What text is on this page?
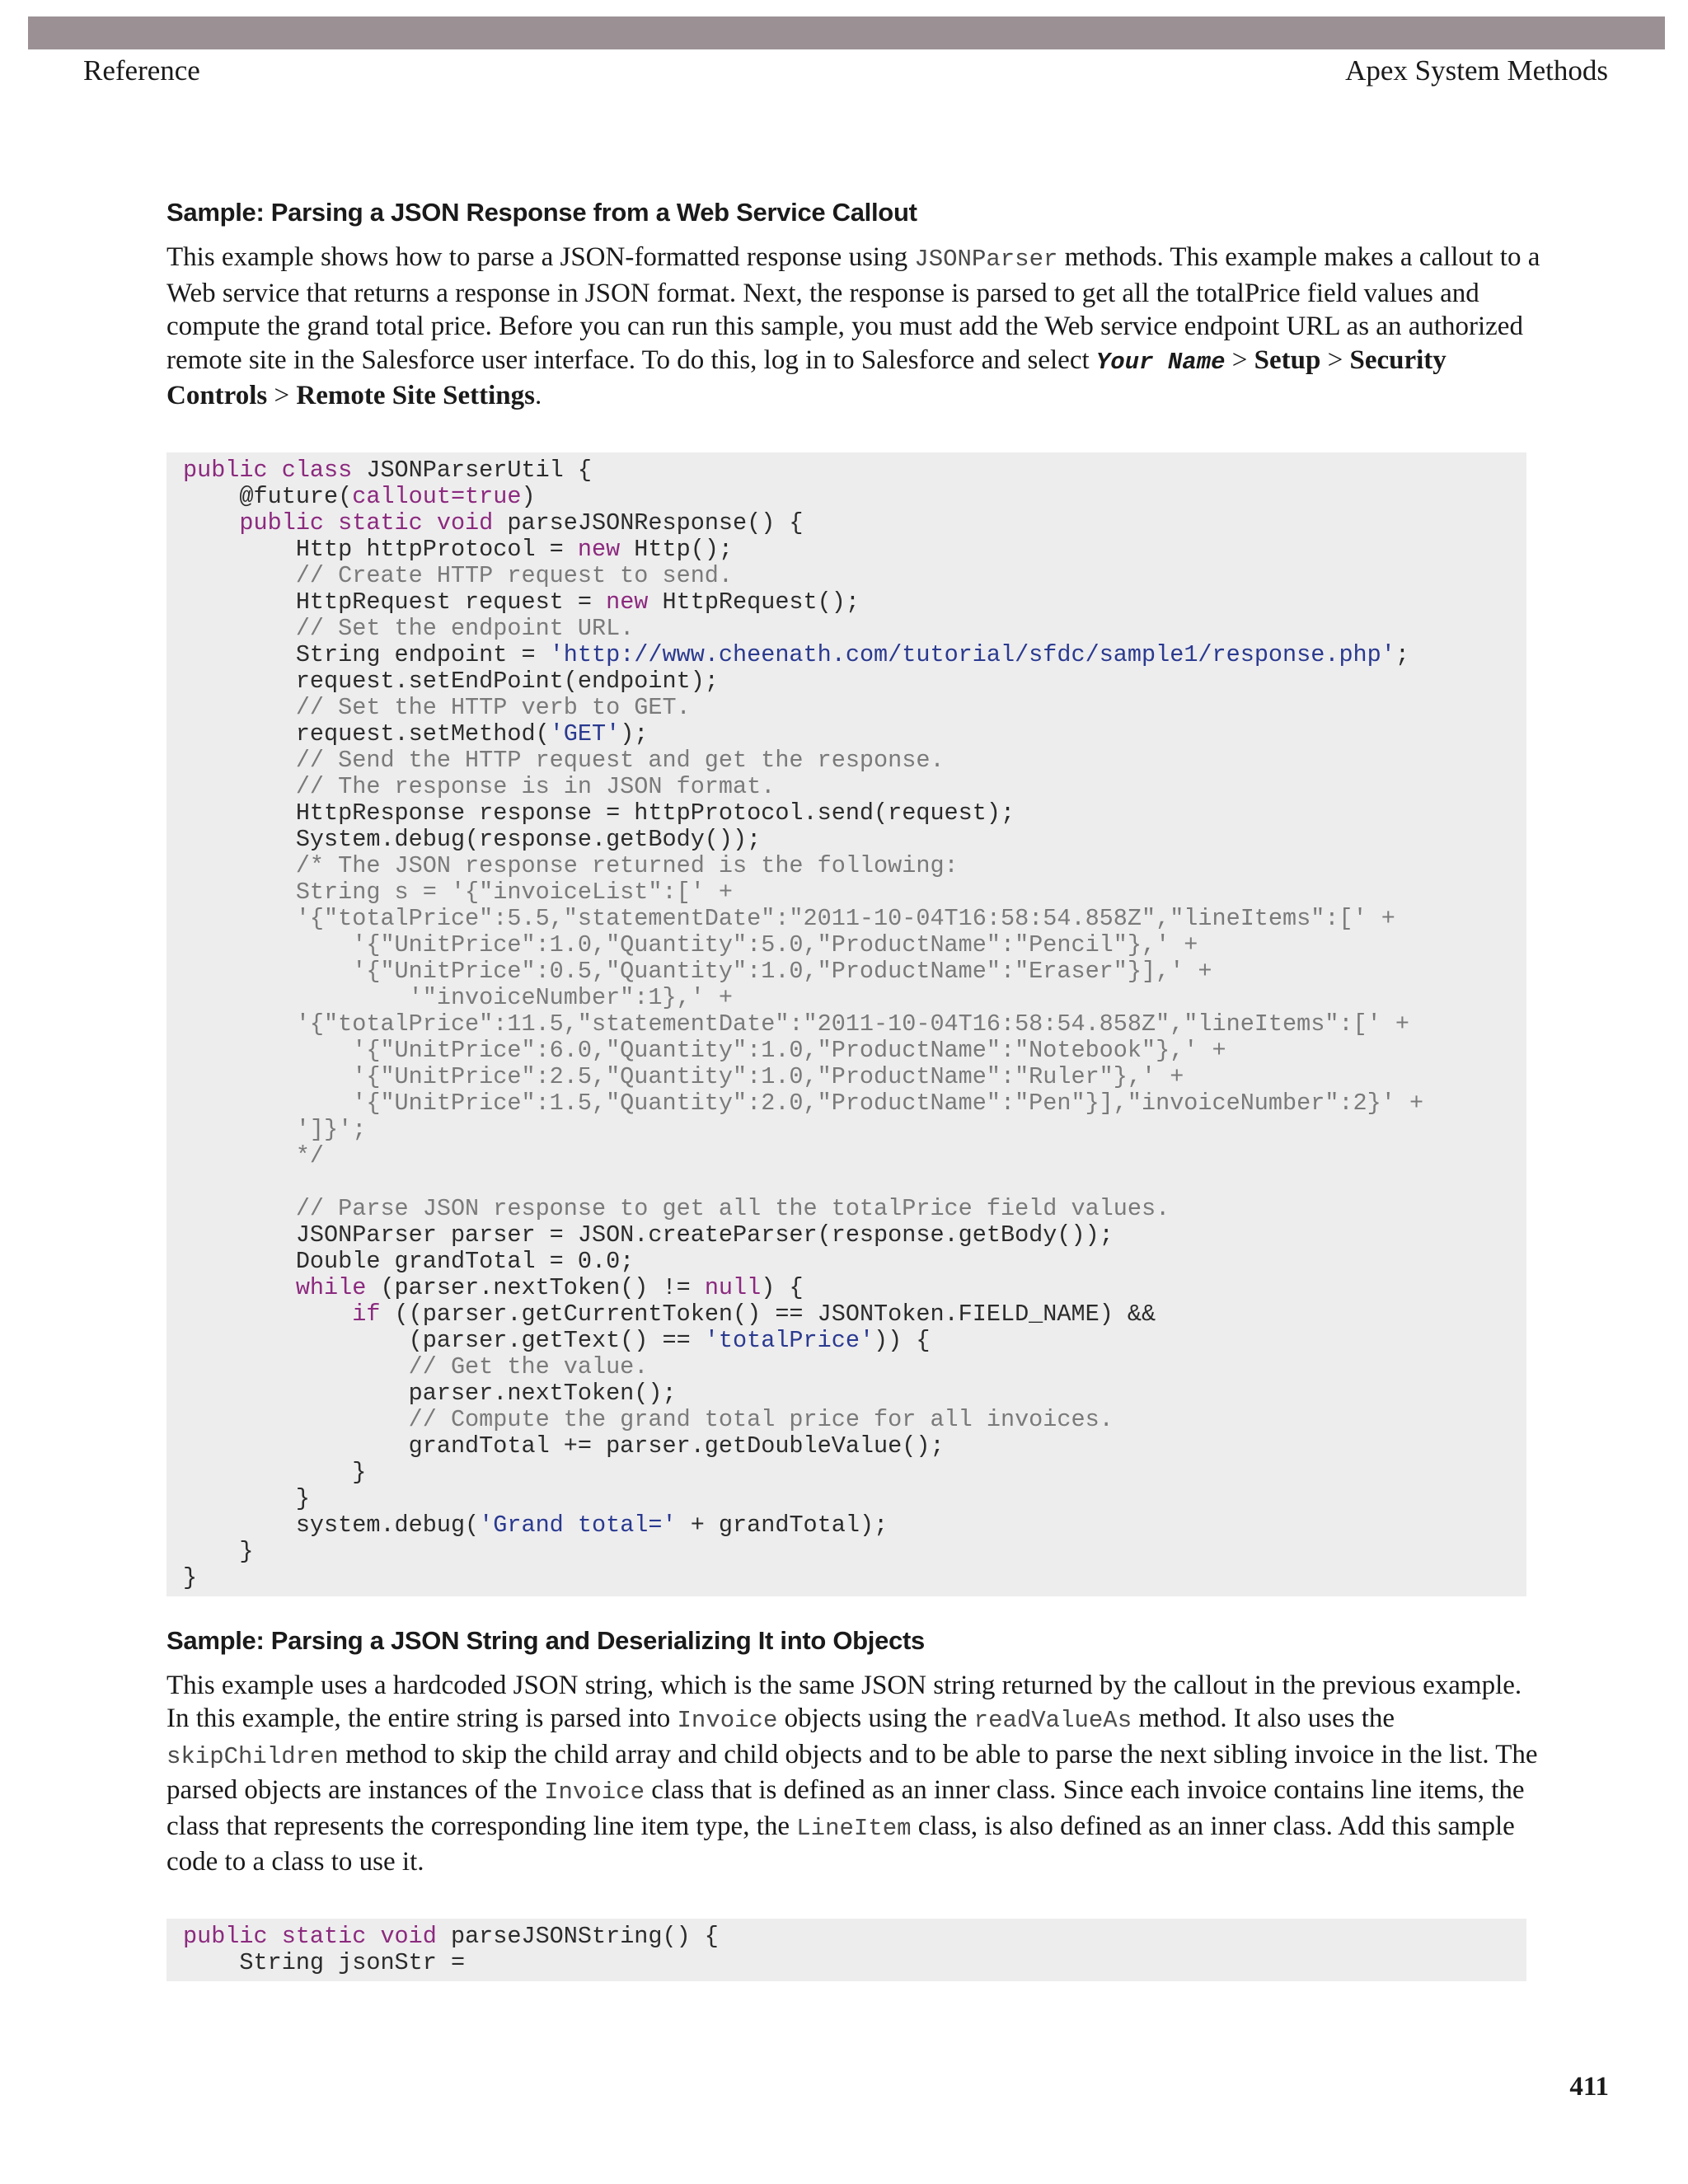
Reference	Apex System Methods
Sample: Parsing a JSON Response from a Web Service Callout

This example shows how to parse a JSON-formatted response using JSONParser methods. This example makes a callout to a Web service that returns a response in JSON format. Next, the response is parsed to get all the totalPrice field values and compute the grand total price. Before you can run this sample, you must add the Web service endpoint URL as an authorized remote site in the Salesforce user interface. To do this, log in to Salesforce and select Your Name > Setup > Security Controls > Remote Site Settings.

public class JSONParserUtil {
@future(callout=true)
public static void parseJSONResponse() {
Http httpProtocol = new Http();
// Create HTTP request to send.
HttpRequest request = new HttpRequest();
// Set the endpoint URL.
String endpoint = 'http://www.cheenath.com/tutorial/sfdc/sample1/response.php';
request.setEndPoint(endpoint);
// Set the HTTP verb to GET.
request.setMethod('GET');
// Send the HTTP request and get the response.
// The response is in JSON format.
HttpResponse response = httpProtocol.send(request);
System.debug(response.getBody());
/* The JSON response returned is the following:
String s = '{"invoiceList":[' +
'{"totalPrice":5.5,"statementDate":"2011-10-04T16:58:54.858Z","lineItems":[' +
'{"UnitPrice":1.0,"Quantity":5.0,"ProductName":"Pencil"},' +
'{"UnitPrice":0.5,"Quantity":1.0,"ProductName":"Eraser"}],' +
'"invoiceNumber":1},' +
'{"totalPrice":11.5,"statementDate":"2011-10-04T16:58:54.858Z","lineItems":[' +
'{"UnitPrice":6.0,"Quantity":1.0,"ProductName":"Notebook"},' +
'{"UnitPrice":2.5,"Quantity":1.0,"ProductName":"Ruler"},' +
'{"UnitPrice":1.5,"Quantity":2.0,"ProductName":"Pen"}],"invoiceNumber":2}' +
']}';
*/

// Parse JSON response to get all the totalPrice field values.
JSONParser parser = JSON.createParser(response.getBody());
Double grandTotal = 0.0;
while (parser.nextToken() != null) {
if ((parser.getCurrentToken() == JSONToken.FIELD_NAME) &&
(parser.getText() == 'totalPrice')) {
// Get the value.
parser.nextToken();
// Compute the grand total price for all invoices.
grandTotal += parser.getDoubleValue();
}
}
system.debug('Grand total=' + grandTotal);
}
}
Sample: Parsing a JSON String and Deserializing It into Objects

This example uses a hardcoded JSON string, which is the same JSON string returned by the callout in the previous example. In this example, the entire string is parsed into Invoice objects using the readValueAs method. It also uses the skipChildren method to skip the child array and child objects and to be able to parse the next sibling invoice in the list. The parsed objects are instances of the Invoice class that is defined as an inner class. Since each invoice contains line items, the class that represents the corresponding line item type, the LineItem class, is also defined as an inner class. Add this sample code to a class to use it.

public static void parseJSONString() {
String jsonStr =
411
